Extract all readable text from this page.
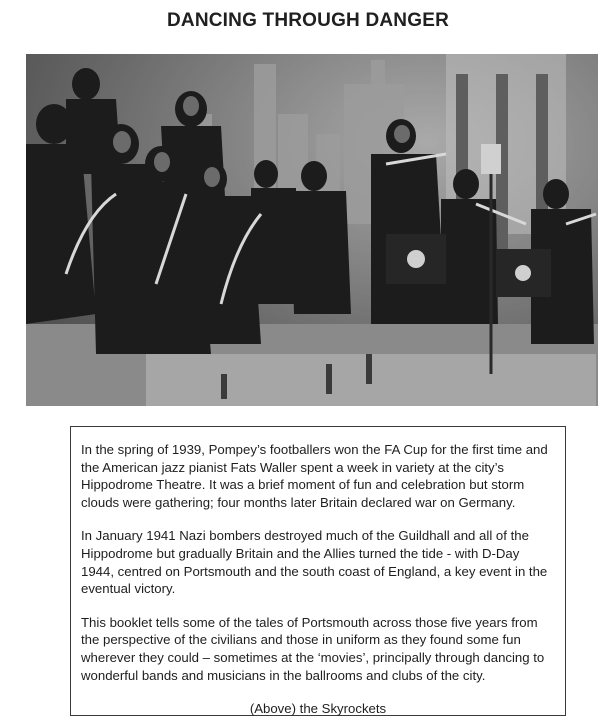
DANCING THROUGH DANGER

In the spring of 1939, Pompey’s footballers won the FA Cup for the first time and the American jazz pianist Fats Waller spent a week in variety at the city’s Hippodrome Theatre. It was a brief moment of fun and celebration but storm clouds were gathering; four months later Britain declared war on Germany.

In January 1941 Nazi bombers destroyed much of the Guildhall and all of the Hippodrome but gradually Britain and the Allies turned the tide - with D-Day 1944, centred on Portsmouth and the south coast of England, a key event in the eventual victory.

This booklet tells some of the tales of Portsmouth across those five years from the perspective of the civilians and those in uniform as they found some fun wherever they could – sometimes at the ‘movies’, principally through dancing to wonderful bands and musicians in the ballrooms and clubs of the city.

(Above) the Skyrockets
